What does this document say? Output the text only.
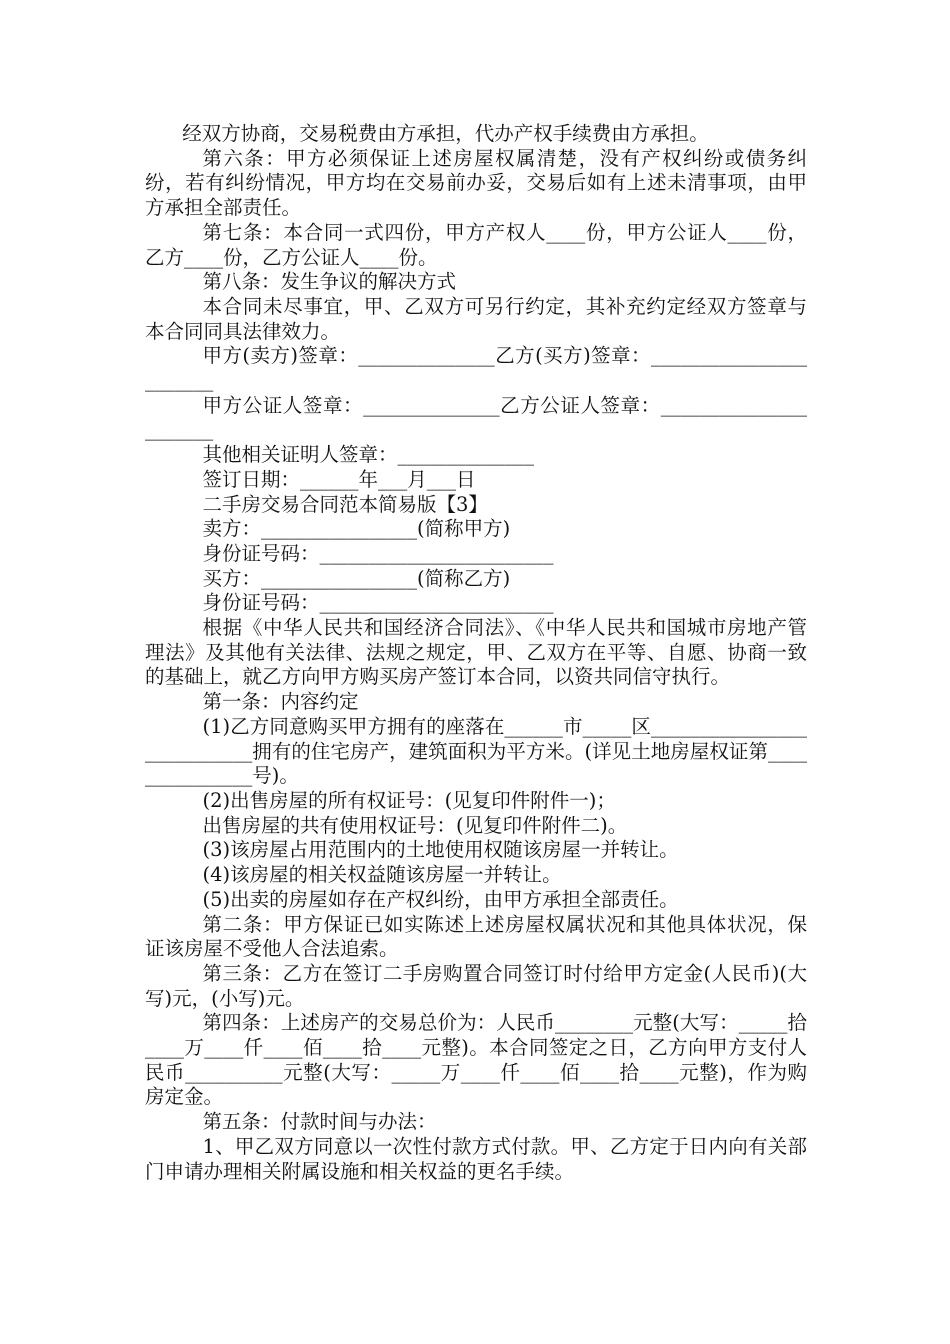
经双方协商，交易税费由方承担，代办产权手续费由方承担。

第六条：甲方必须保证上述房屋权属清楚，没有产权纠纷或债务纠纷，若有纠纷情况，甲方均在交易前办妥，交易后如有上述未清事项，由甲方承担全部责任。

第七条：本合同一式四份，甲方产权人____份，甲方公证人____份，乙方____份，乙方公证人____份。

第八条：发生争议的解决方式

本合同未尽事宜，甲、乙双方可另行约定，其补充约定经双方签章与本合同同具法律效力。

甲方(卖方)签章：______________乙方(买方)签章：_______________________

甲方公证人签章：______________乙方公证人签章：______________________

其他相关证明人签章：______________

签订日期：______年___月___日

二手房交易合同范本简易版【3】

卖方：________________(简称甲方)

身份证号码：________________________

买方：________________(简称乙方)

身份证号码：________________________

根据《中华人民共和国经济合同法》、《中华人民共和国城市房地产管理法》及其他有关法律、法规之规定，甲、乙双方在平等、自愿、协商一致的基础上，就乙方向甲方购买房产签订本合同，以资共同信守执行。

第一条：内容约定

(1)乙方同意购买甲方拥有的座落在______市_____区___________________________拥有的住宅房产，建筑面积为平方米。(详见土地房屋权证第_______________号)。

(2)出售房屋的所有权证号：(见复印件附件一)；

出售房屋的共有使用权证号：(见复印件附件二)。

(3)该房屋占用范围内的土地使用权随该房屋一并转让。

(4)该房屋的相关权益随该房屋一并转让。

(5)出卖的房屋如存在产权纠纷，由甲方承担全部责任。

第二条：甲方保证已如实陈述上述房屋权属状况和其他具体状况，保证该房屋不受他人合法追索。

第三条：乙方在签订二手房购置合同签订时付给甲方定金(人民币)(大写)元，(小写)元。

第四条：上述房产的交易总价为：人民币________元整(大写：_____拾____万____仟____佰____拾____元整)。本合同签定之日，乙方向甲方支付人民币__________元整(大写：_____万____仟____佰____拾____元整)，作为购房定金。

第五条：付款时间与办法：

1、甲乙双方同意以一次性付款方式付款。甲、乙方定于日内向有关部门申请办理相关附属设施和相关权益的更名手续。
